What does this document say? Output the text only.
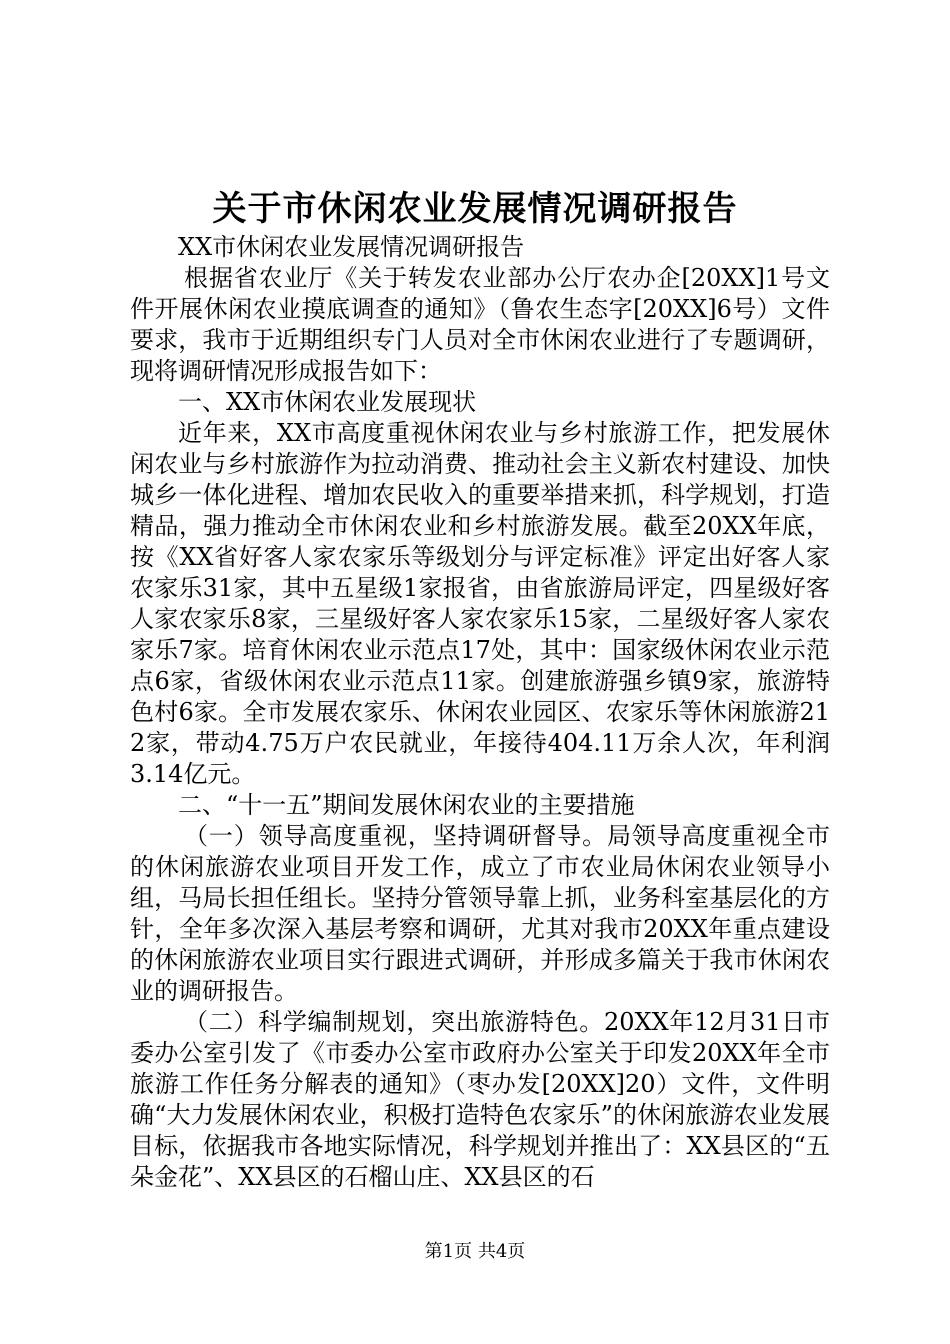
关于市休闲农业发展情况调研报告

XX市休闲农业发展情况调研报告

根据省农业厅《关于转发农业部办公厅农办企[20XX]1号文件开展休闲农业摸底调查的通知》（鲁农生态字[20XX]6号）文件要求，我市于近期组织专门人员对全市休闲农业进行了专题调研，现将调研情况形成报告如下：

一、XX市休闲农业发展现状

近年来，XX市高度重视休闲农业与乡村旅游工作，把发展休闲农业与乡村旅游作为拉动消费、推动社会主义新农村建设、加快城乡一体化进程、增加农民收入的重要举措来抓，科学规划，打造精品，强力推动全市休闲农业和乡村旅游发展。截至20XX年底，按《XX省好客人家农家乐等级划分与评定标准》评定出好客人家农家乐31家，其中五星级1家报省，由省旅游局评定，四星级好客人家农家乐8家，三星级好客人家农家乐15家，二星级好客人家农家乐7家。培育休闲农业示范点17处，其中：国家级休闲农业示范点6家，省级休闲农业示范点11家。创建旅游强乡镇9家，旅游特色村6家。全市发展农家乐、休闲农业园区、农家乐等休闲旅游212家，带动4.75万户农民就业，年接待404.11万余人次，年利润3.14亿元。

二、“十一五”期间发展休闲农业的主要措施

（一）领导高度重视，坚持调研督导。局领导高度重视全市的休闲旅游农业项目开发工作，成立了市农业局休闲农业领导小组，马局长担任组长。坚持分管领导靠上抓，业务科室基层化的方针，全年多次深入基层考察和调研，尤其对我市20XX年重点建设的休闲旅游农业项目实行跟进式调研，并形成多篇关于我市休闲农业的调研报告。

（二）科学编制规划，突出旅游特色。20XX年12月31日市委办公室引发了《市委办公室市政府办公室关于印发20XX年全市旅游工作任务分解表的通知》（枣办发[20XX]20）文件，文件明确“大力发展休闲农业，积极打造特色农家乐”的休闲旅游农业发展目标，依据我市各地实际情况，科学规划并推出了：XX县区的“五朵金花”、XX县区的石榴山庄、XX县区的石

第1页 共4页
